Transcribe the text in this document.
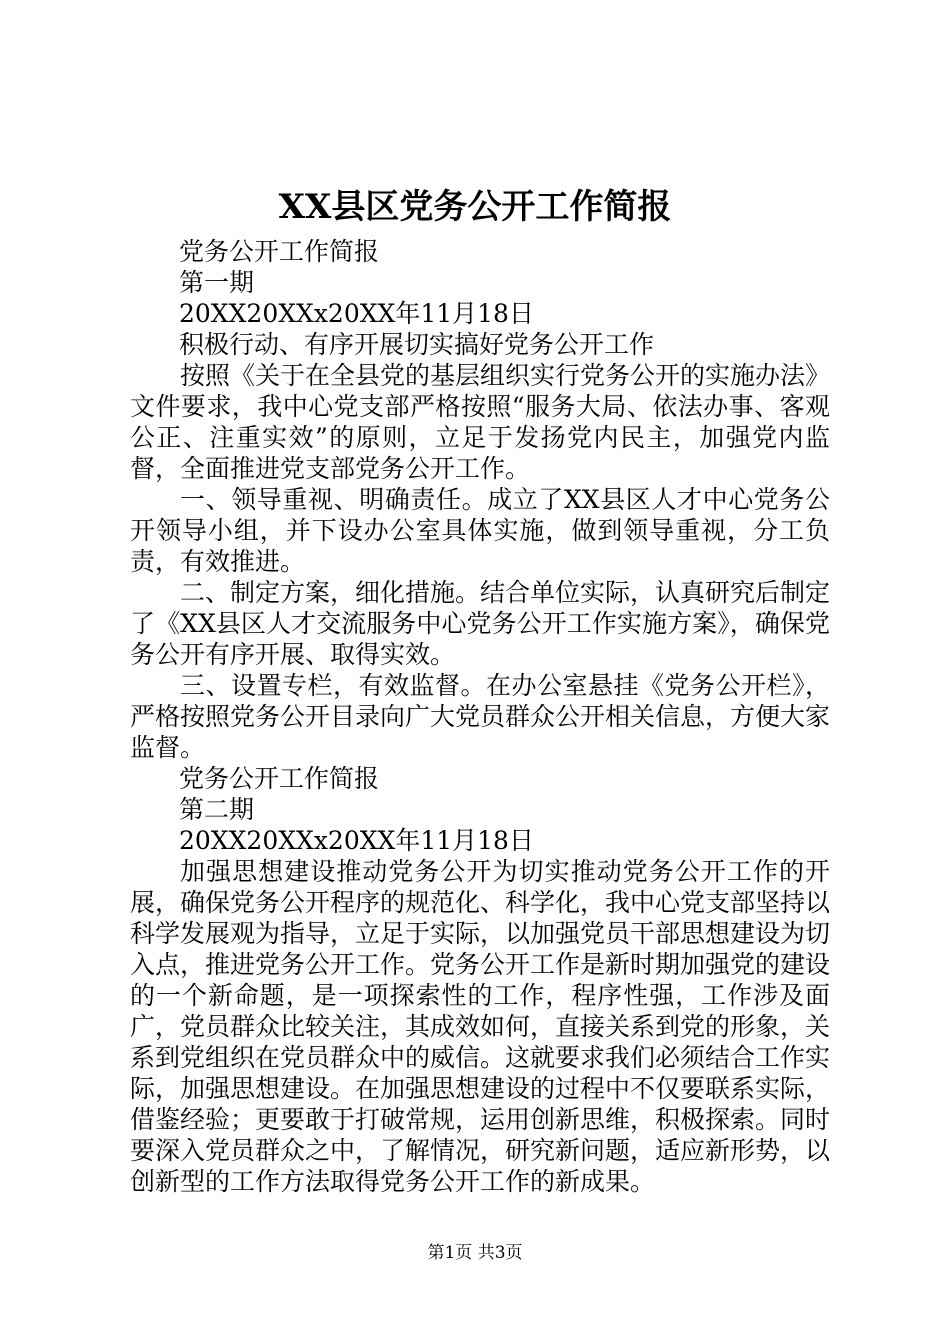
XX县区党务公开工作简报
党务公开工作简报
第一期
20XX20XXx20XX年11月18日
积极行动、有序开展切实搞好党务公开工作

按照《关于在全县党的基层组织实行党务公开的实施办法》文件要求，我中心党支部严格按照“服务大局、依法办事、客观公正、注重实效”的原则，立足于发扬党内民主，加强党内监督，全面推进党支部党务公开工作。

一、领导重视、明确责任。成立了XX县区人才中心党务公开领导小组，并下设办公室具体实施，做到领导重视，分工负责，有效推进。

二、制定方案，细化措施。结合单位实际，认真研究后制定了《XX县区人才交流服务中心党务公开工作实施方案》，确保党务公开有序开展、取得实效。

三、设置专栏，有效监督。在办公室悬挂《党务公开栏》，严格按照党务公开目录向广大党员群众公开相关信息，方便大家监督。

党务公开工作简报
第二期
20XX20XXx20XX年11月18日

加强思想建设推动党务公开为切实推动党务公开工作的开展，确保党务公开程序的规范化、科学化，我中心党支部坚持以科学发展观为指导，立足于实际，以加强党员干部思想建设为切入点，推进党务公开工作。党务公开工作是新时期加强党的建设的一个新命题，是一项探索性的工作，程序性强，工作涉及面广，党员群众比较关注，其成效如何，直接关系到党的形象，关系到党组织在党员群众中的威信。这就要求我们必须结合工作实际，加强思想建设。在加强思想建设的过程中不仅要联系实际，借鉴经验；更要敢于打破常规，运用创新思维，积极探索。同时要深入党员群众之中，了解情况，研究新问题，适应新形势，以创新型的工作方法取得党务公开工作的新成果。

第1页 共3页
